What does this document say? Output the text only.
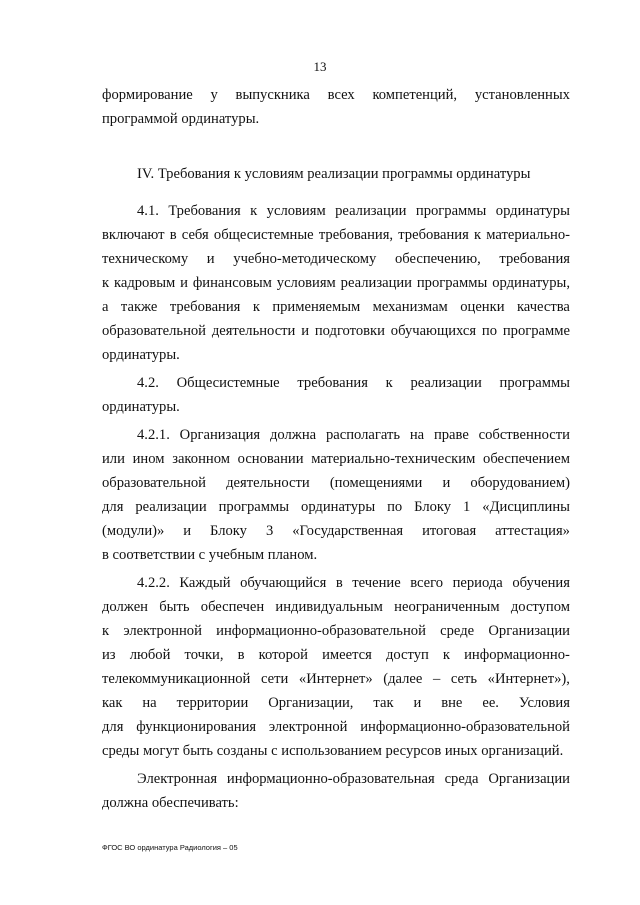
13
формирование у выпускника всех компетенций, установленных
программой ординатуры.
IV. Требования к условиям реализации программы ординатуры
4.1. Требования к условиям реализации программы ординатуры
включают в себя общесистемные требования, требования к материально-
техническому и учебно-методическому обеспечению, требования
к кадровым и финансовым условиям реализации программы ординатуры,
а также требования к применяемым механизмам оценки качества
образовательной деятельности и подготовки обучающихся по программе
ординатуры.
4.2. Общесистемные требования к реализации программы
ординатуры.
4.2.1. Организация должна располагать на праве собственности
или ином законном основании материально-техническим обеспечением
образовательной деятельности (помещениями и оборудованием)
для реализации программы ординатуры по Блоку 1 «Дисциплины
(модули)» и Блоку 3 «Государственная итоговая аттестация»
в соответствии с учебным планом.
4.2.2. Каждый обучающийся в течение всего периода обучения
должен быть обеспечен индивидуальным неограниченным доступом
к электронной информационно-образовательной среде Организации
из любой точки, в которой имеется доступ к информационно-
телекоммуникационной сети «Интернет» (далее – сеть «Интернет»),
как на территории Организации, так и вне ее. Условия
для функционирования электронной информационно-образовательной
среды могут быть созданы с использованием ресурсов иных организаций.
Электронная информационно-образовательная среда Организации
должна обеспечивать:
ФГОС ВО ординатура Радиология – 05
